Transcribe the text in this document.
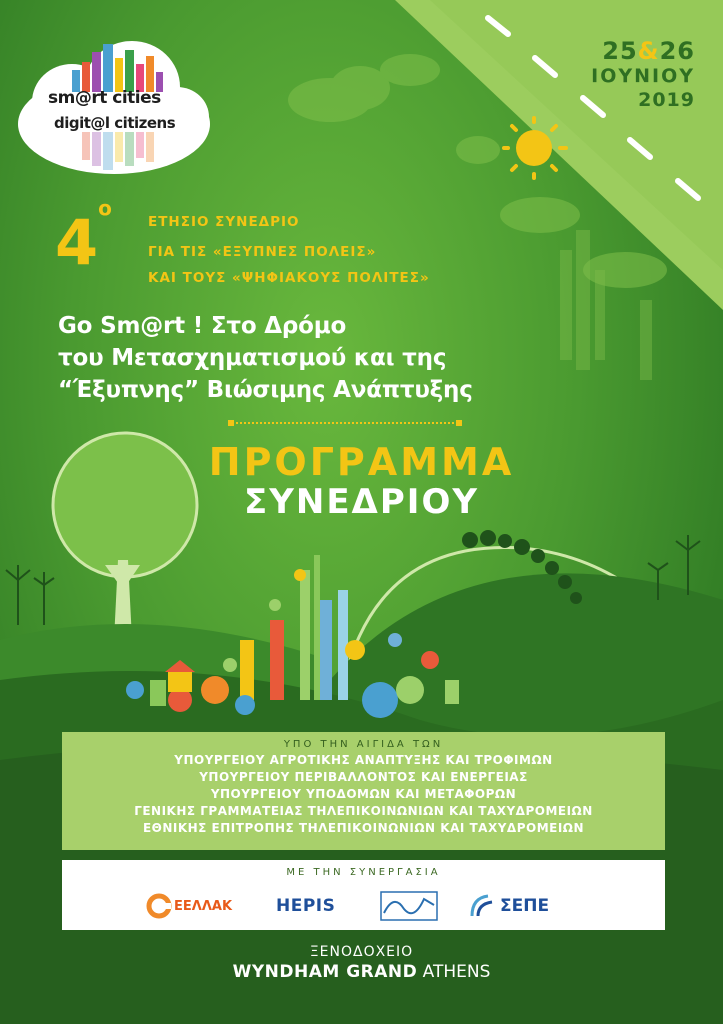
sm@rt cities
digit@l citizens
25&26
ΙΟΥΝΙΟΥ
2019
$4^o$
ΕΤΗΣΙΟ ΣΥΝΕΔΡΙΟ
ΓΙΑ ΤΙΣ «ΕΞΥΠΝΕΣ ΠΟΛΕΙΣ»
ΚΑΙ ΤΟΥΣ «ΨΗΦΙΑΚΟΥΣ ΠΟΛΙΤΕΣ»
Go Sm@rt ! Στο Δρόμο
του Μετασχηματισμού και της
“Έξυπνης” Βιώσιμης Ανάπτυξης
ΠΡΟΓΡΑΜΜΑ
ΣΥΝΕΔΡΙΟΥ
ΥΠΟ ΤΗΝ ΑΙΓΙΔΑ ΤΩΝ
ΥΠΟΥΡΓΕΙΟΥ ΑΓΡΟΤΙΚΗΣ ΑΝΑΠΤΥΞΗΣ ΚΑΙ ΤΡΟΦΙΜΩΝ
ΥΠΟΥΡΓΕΙΟΥ ΠΕΡΙΒΑΛΛΟΝΤΟΣ ΚΑΙ ΕΝΕΡΓΕΙΑΣ
ΥΠΟΥΡΓΕΙΟΥ ΥΠΟΔΟΜΩΝ ΚΑΙ ΜΕΤΑΦΟΡΩΝ
ΓΕΝΙΚΗΣ ΓΡΑΜΜΑΤΕΙΑΣ ΤΗΛΕΠΙΚΟΙΝΩΝΙΩΝ ΚΑΙ ΤΑΧΥΔΡΟΜΕΙΩΝ
ΕΘΝΙΚΗΣ ΕΠΙΤΡΟΠΗΣ ΤΗΛΕΠΙΚΟΙΝΩΝΙΩΝ ΚΑΙ ΤΑΧΥΔΡΟΜΕΙΩΝ
ΜΕ ΤΗΝ ΣΥΝΕΡΓΑΣΙΑ
ΕΕΛΛΑΚ	HEPIS	ΣΕΠΕ
ΞΕΝΟΔΟΧΕΙΟ
WYNDHAM GRAND ATHENS
